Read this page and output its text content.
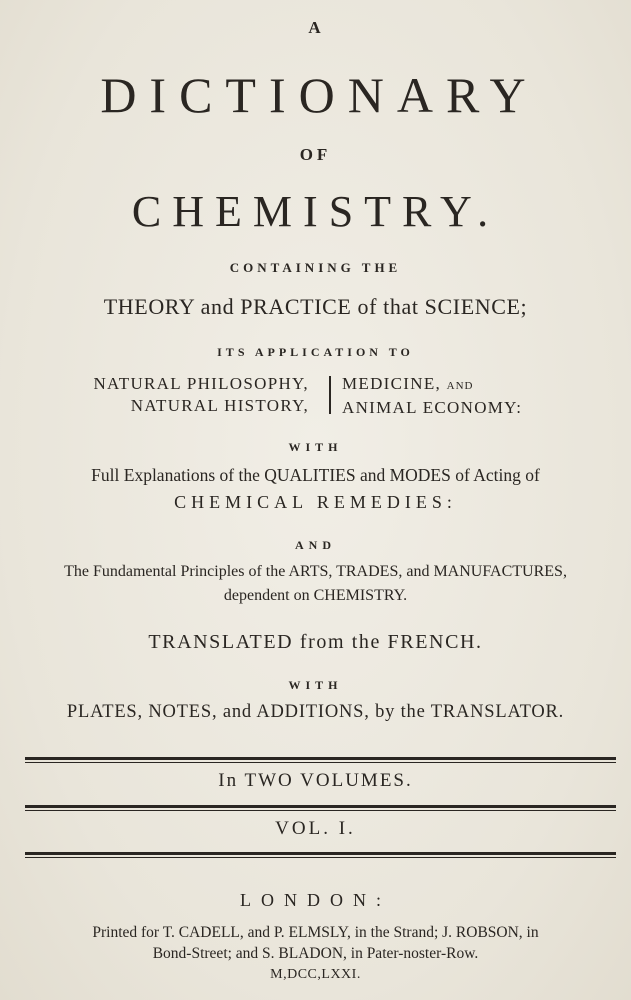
A
DICTIONARY
OF
CHEMISTRY.
CONTAINING THE
THEORY and PRACTICE of that SCIENCE;
ITS APPLICATION TO
NATURAL PHILOSOPHY,
NATURAL HISTORY,
MEDICINE, AND
ANIMAL ECONOMY:
WITH
Full Explanations of the QUALITIES and MODES of Acting of
CHEMICAL REMEDIES:
AND
The Fundamental Principles of the ARTS, TRADES, and MANUFACTURES,
dependent on CHEMISTRY.
TRANSLATED from the FRENCH.
WITH
PLATES, NOTES, and ADDITIONS, by the TRANSLATOR.
In TWO VOLUMES.
VOL. I.
LONDON:
Printed for T. CADELL, and P. ELMSLY, in the Strand; J. ROBSON, in
Bond-Street; and S. BLADON, in Pater-noster-Row.
M,DCC,LXXI.
